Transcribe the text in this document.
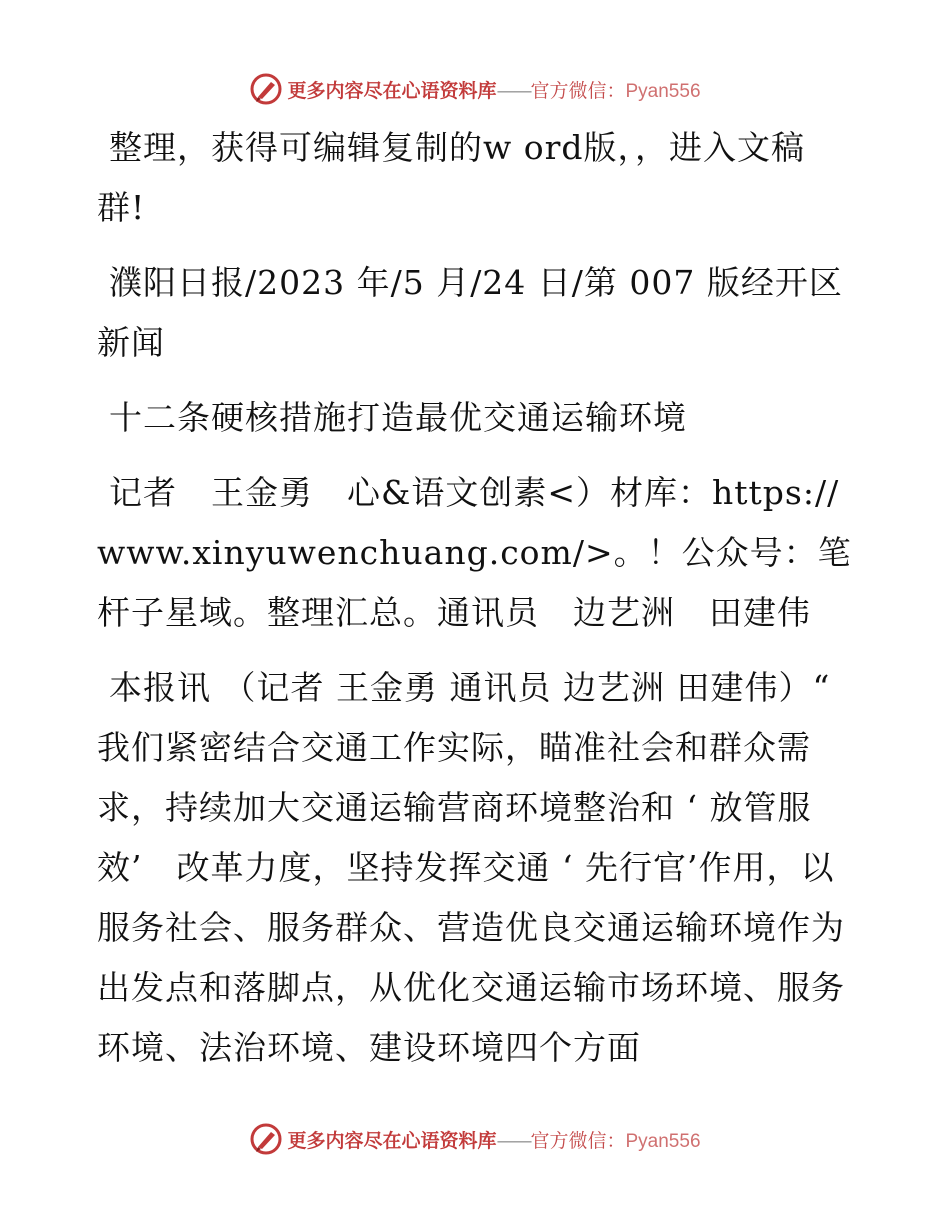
更多内容尽在心语资料库——官方微信：Pyan556

整理，获得可编辑复制的w ord版，，进入文稿群!

濮阳日报/2023 年/5 月/24 日/第 007 版经开区新闻

十二条硬核措施打造最优交通运输环境

记者　王金勇　心&语文创素<）材库：https://www.xinyuwenchuang.com/>。！公众号：笔杆子星域。整理汇总。通讯员　边艺洲　田建伟

本报讯 （记者 王金勇 通讯员 边艺洲 田建伟）“ 我们紧密结合交通工作实际，瞄准社会和群众需求，持续加大交通运输营商环境整治和 ‘ 放管服效’　改革力度，坚持发挥交通 ‘ 先行官’作用，以服务社会、服务群众、营造优良交通运输环境作为出发点和落脚点，从优化交通运输市场环境、服务环境、法治环境、建设环境四个方面

更多内容尽在心语资料库——官方微信：Pyan556
